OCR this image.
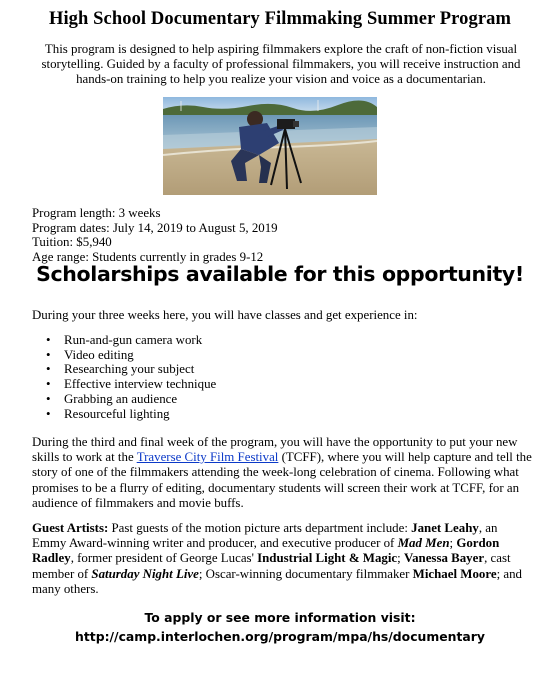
High School Documentary Filmmaking Summer Program
This program is designed to help aspiring filmmakers explore the craft of non-fiction visual storytelling. Guided by a faculty of professional filmmakers, you will receive instruction and hands-on training to help you realize your vision and voice as a documentarian.
Program length: 3 weeks
Program dates: July 14, 2019 to August 5, 2019
Tuition: $5,940
Age range: Students currently in grades 9-12
Scholarships available for this opportunity!
During your three weeks here, you will have classes and get experience in:
• Run-and-gun camera work
• Video editing
• Researching your subject
• Effective interview technique
• Grabbing an audience
• Resourceful lighting
During the third and final week of the program, you will have the opportunity to put your new skills to work at the Traverse City Film Festival (TCFF), where you will help capture and tell the story of one of the filmmakers attending the week-long celebration of cinema. Following what promises to be a flurry of editing, documentary students will screen their work at TCFF, for an audience of filmmakers and movie buffs.
Guest Artists: Past guests of the motion picture arts department include: Janet Leahy, an Emmy Award-winning writer and producer, and executive producer of Mad Men; Gordon Radley, former president of George Lucas' Industrial Light & Magic; Vanessa Bayer, cast member of Saturday Night Live; Oscar-winning documentary filmmaker Michael Moore; and many others.
To apply or see more information visit:
http://camp.interlochen.org/program/mpa/hs/documentary
